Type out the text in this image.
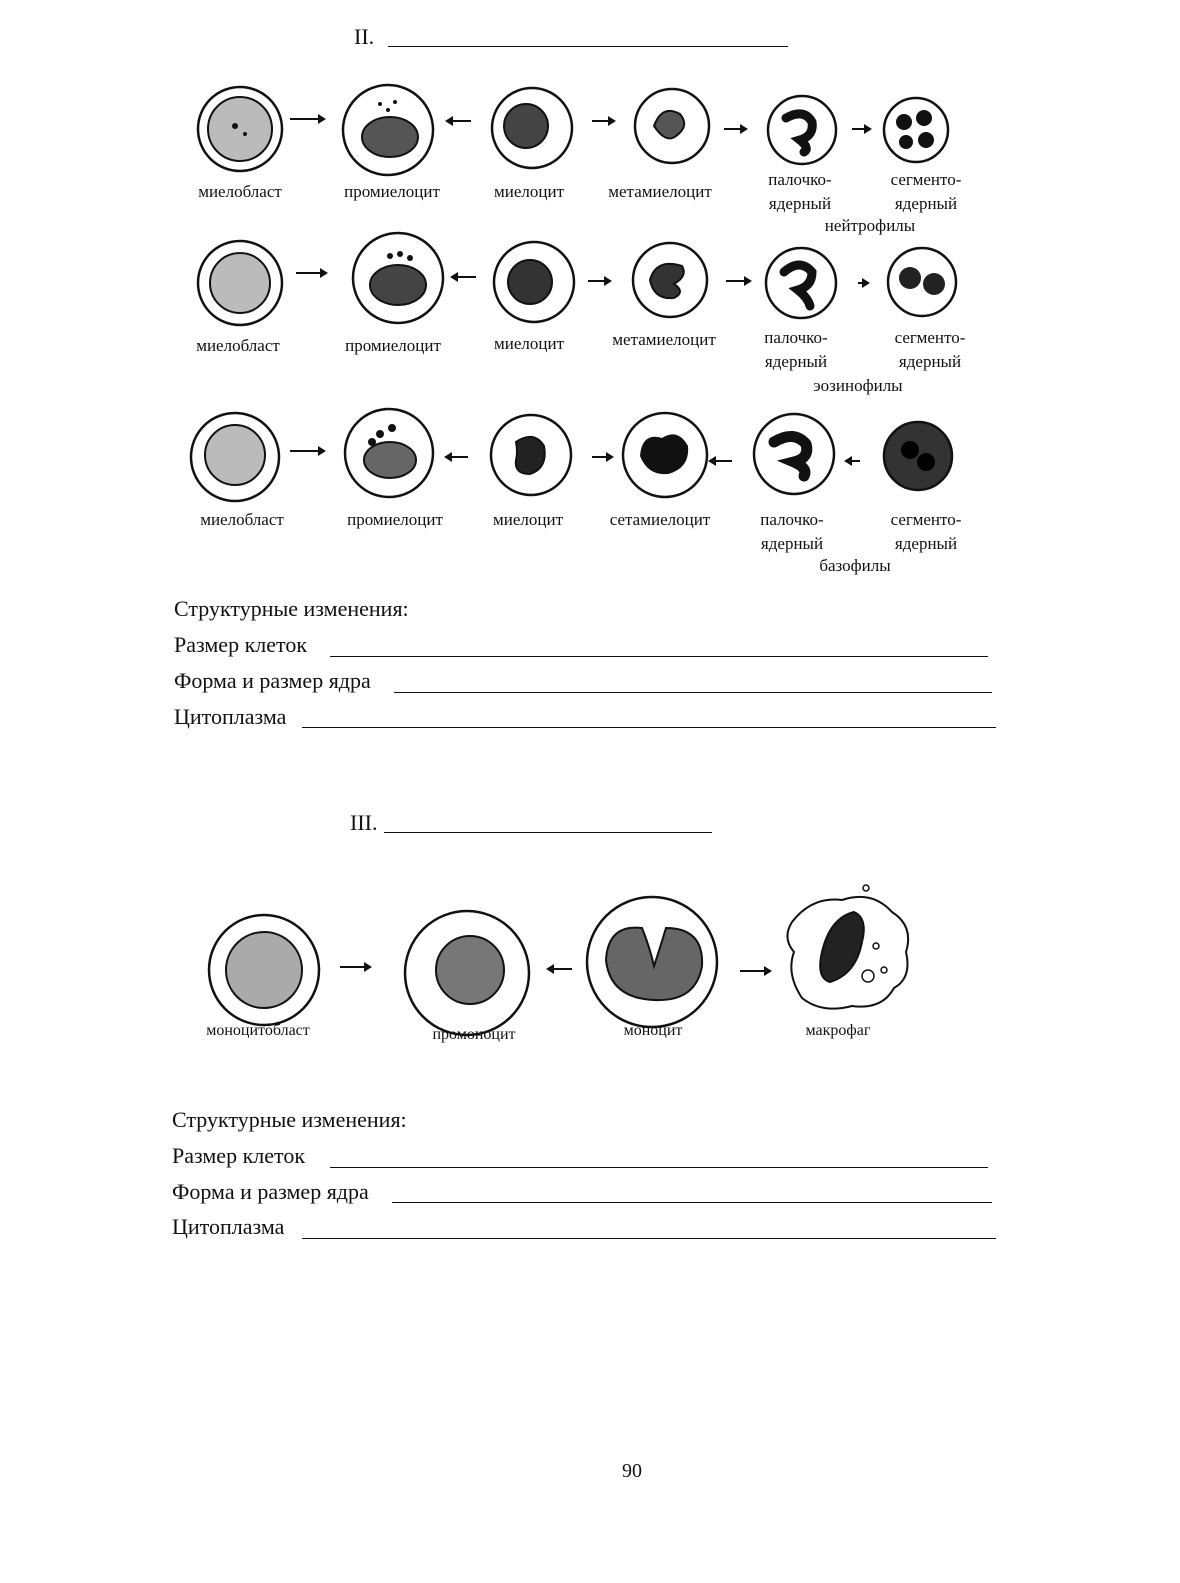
II.
миелобласт	промиелоцит	миелоцит	метамиелоцит
палочко-
ядерный
сегменто-
ядерный
нейтрофилы
миелобласт	промиелоцит	миелоцит	метамиелоцит	палочко-
ядерный
сегменто-
ядерный
эозинофилы
миелобласт	промиелоцит	миелоцит	сетамиелоцит	палочко-
ядерный
сегменто-
ядерный
базофилы
Структурные изменения:
Размер клеток
Форма и размер ядра
Цитоплазма
III.
моноцитобласт	промоноцит	моноцит	макрофаг
Структурные изменения:
Размер клеток
Форма и размер ядра
Цитоплазма
90
